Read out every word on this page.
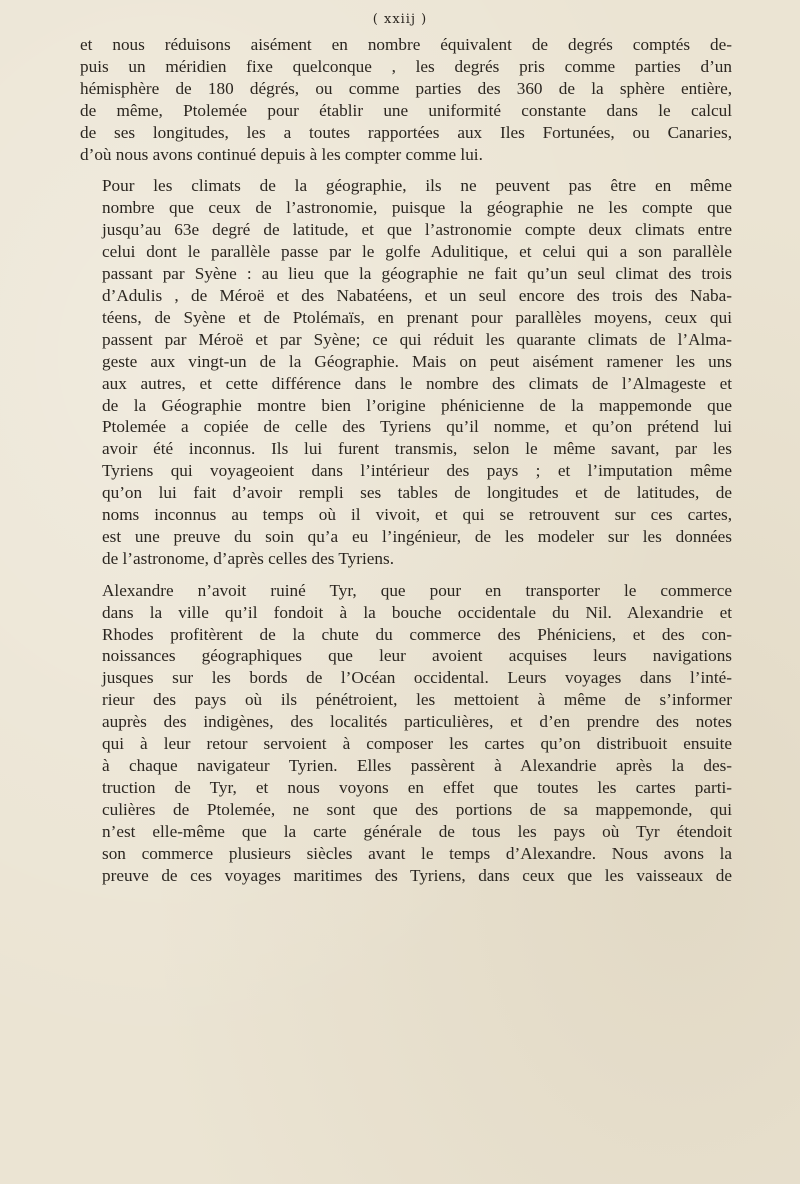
( xxiij )

et nous réduisons aisément en nombre équivalent de degrés comptés de-
puis un méridien fixe quelconque , les degrés pris comme parties d’un
hémisphère de 180 dégrés, ou comme parties des 360 de la sphère entière,
de même, Ptolemée pour établir une uniformité constante dans le calcul
de ses longitudes, les a toutes rapportées aux Iles Fortunées, ou Canaries,
d’où nous avons continué depuis à les compter comme lui.

Pour les climats de la géographie, ils ne peuvent pas être en même
nombre que ceux de l’astronomie, puisque la géographie ne les compte que
jusqu’au 63e degré de latitude, et que l’astronomie compte deux climats entre
celui dont le parallèle passe par le golfe Adulitique, et celui qui a son parallèle
passant par Syène : au lieu que la géographie ne fait qu’un seul climat des trois
d’Adulis , de Méroë et des Nabatéens, et un seul encore des trois des Naba-
téens, de Syène et de Ptolémaïs, en prenant pour parallèles moyens, ceux qui
passent par Méroë et par Syène; ce qui réduit les quarante climats de l’Alma-
geste aux vingt-un de la Géographie. Mais on peut aisément ramener les uns
aux autres, et cette différence dans le nombre des climats de l’Almageste et
de la Géographie montre bien l’origine phénicienne de la mappemonde que
Ptolemée a copiée de celle des Tyriens qu’il nomme, et qu’on prétend lui
avoir été inconnus. Ils lui furent transmis, selon le même savant, par les
Tyriens qui voyageoient dans l’intérieur des pays ; et l’imputation même
qu’on lui fait d’avoir rempli ses tables de longitudes et de latitudes, de
noms inconnus au temps où il vivoit, et qui se retrouvent sur ces cartes,
est une preuve du soin qu’a eu l’ingénieur, de les modeler sur les données
de l’astronome, d’après celles des Tyriens.

Alexandre n’avoit ruiné Tyr, que pour en transporter le commerce
dans la ville qu’il fondoit à la bouche occidentale du Nil. Alexandrie et
Rhodes profitèrent de la chute du commerce des Phéniciens, et des con-
noissances géographiques que leur avoient acquises leurs navigations
jusques sur les bords de l’Océan occidental. Leurs voyages dans l’inté-
rieur des pays où ils pénétroient, les mettoient à même de s’informer
auprès des indigènes, des localités particulières, et d’en prendre des notes
qui à leur retour servoient à composer les cartes qu’on distribuoit ensuite
à chaque navigateur Tyrien. Elles passèrent à Alexandrie après la des-
truction de Tyr, et nous voyons en effet que toutes les cartes parti-
culières de Ptolemée, ne sont que des portions de sa mappemonde, qui
n’est elle-même que la carte générale de tous les pays où Tyr étendoit
son commerce plusieurs siècles avant le temps d’Alexandre. Nous avons la
preuve de ces voyages maritimes des Tyriens, dans ceux que les vaisseaux de
